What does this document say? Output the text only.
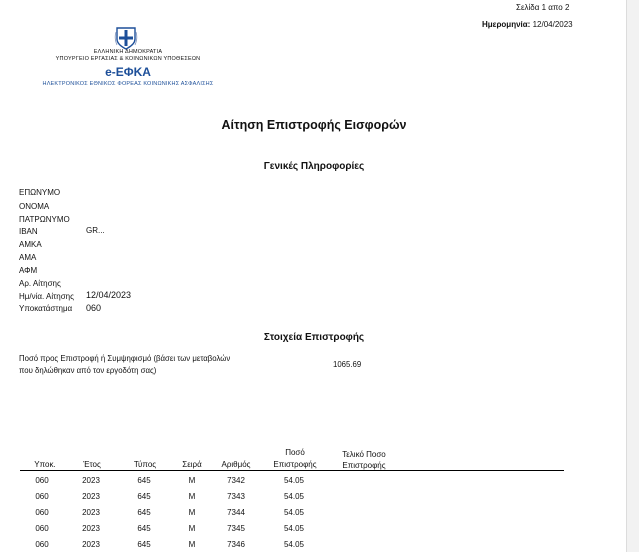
Σελίδα 1 απο 2
Ημερομηνία: 12/04/2023
ΕΛΛΗΝΙΚΗ ΔΗΜΟΚΡΑΤΙΑ
ΥΠΟΥΡΓΕΙΟ ΕΡΓΑΣΙΑΣ & ΚΟΙΝΩΝΙΚΩΝ ΥΠΟΘΕΣΕΩΝ
e-ΕΦΚΑ
ΗΛΕΚΤΡΟΝΙΚΟΣ ΕΘΝΙΚΟΣ ΦΟΡΕΑΣ ΚΟΙΝΩΝΙΚΗΣ ΑΣΦΑΛΙΣΗΣ
Αίτηση Επιστροφής Εισφορών
Γενικές Πληροφορίες
ΕΠΩΝΥΜΟ
ΟΝΟΜΑ
ΠΑΤΡΩΝΥΜΟ
IBAN	GR...
ΑΜΚΑ
ΑΜΑ
ΑΦΜ
Αρ. Αίτησης
Ημ/νία. Αίτησης 12/04/2023
Υποκατάστημα 060
Στοιχεία Επιστροφής
Ποσό προς Επιστροφή ή Συμψηφισμό (βάσει των μεταβολών
που δηλώθηκαν από τον εργοδότη σας)
1065.69
Υποκ.	Έτος	Τύπος	Σειρά	Αριθμός
Ποσό
Επιστροφής
Τελικό Ποσο
Επιστροφής
060	2023	645	Μ	7342	54.05
060	2023	645	Μ	7343	54.05
060	2023	645	Μ	7344	54.05
060	2023	645	Μ	7345	54.05
060	2023	645	Μ	7346	54.05
